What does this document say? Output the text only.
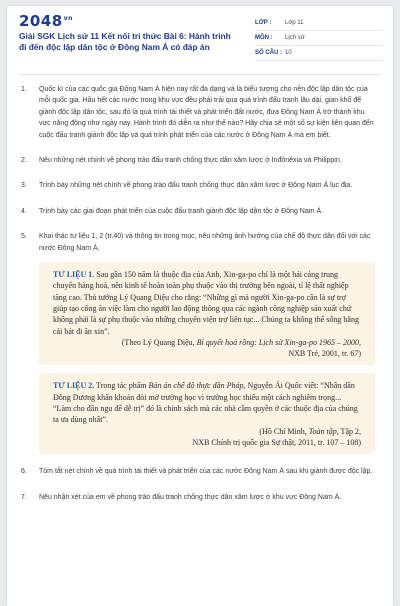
$2048^{vn}$
Giải SGK Lịch sử 11 Kết nối tri thức Bài 6: Hành trình đi đến độc lập dân tộc ở Đông Nam Á có đáp án
LỚP :	Lớp 11
MÔN :	Lịch sử
SỐ CÂU : 10
1. Quốc kì của các quốc gia Đông Nam Á hiện nay rất đa dạng và là biểu tượng cho nền độc lập dân tộc của mỗi quốc gia. Hầu hết các nước trong khu vực đều phải trải qua quá trình đấu tranh lâu dài, gian khổ để giành độc lập dân tộc, sau đó là quá trình tái thiết và phát triển đất nước, đưa Đông Nam Á trở thành khu vực năng động như ngày nay. Hành trình đó diễn ra như thế nào? Hãy chia sẻ một số sự kiện liên quan đến cuộc đấu tranh giành độc lập và quá trình phát triển của các nước ở Đông Nam Á mà em biết.
2. Nêu những nét chính về phong trào đấu tranh chống thực dân xâm lược ở Inđônêxia và Philippin.
3. Trình bày những nét chính về phong trào đấu tranh chống thực dân xâm lược ở Đông Nam Á lục địa.
4. Trình bày các giai đoạn phát triển của cuộc đấu tranh giành độc lập dân tộc ở Đông Nam Á.
5. Khai thác tư liệu 1, 2 (tr.40) và thông tin trong mục, nêu những ảnh hưởng của chế độ thực dân đối với các nước Đông Nam Á.
TƯ LIỆU 1. Sau gần 150 năm là thuộc địa của Anh, Xin-ga-po chỉ là một hải cảng trung chuyển hàng hoá, nền kinh tế hoàn toàn phụ thuộc vào thị trường bên ngoài, tỉ lệ thất nghiệp tăng cao. Thủ tướng Lý Quang Diệu cho rằng: “Những gì mà người Xin-ga-po cần là sự trợ giúp tạo công ăn việc làm cho người lao động thông qua các ngành công nghiệp sản xuất chứ không phải là sự phụ thuộc vào những chuyến viện trợ liên tục... Chúng ta không thể sống bằng cái bát đi ăn xin”.
(Theo Lý Quang Diệu, Bí quyết hoá rồng: Lịch sử Xin-ga-po 1965 – 2000,
NXB Trẻ, 2001, tr. 67)
TƯ LIỆU 2. Trong tác phẩm Bản án chế độ thực dân Pháp, Nguyễn Ái Quốc viết: “Nhân dân Đông Dương khẩn khoản đòi mở trường học vì trường học thiếu một cách nghiêm trọng... “Làm cho dân ngu để dễ trị” đó là chính sách mà các nhà cầm quyền ở các thuộc địa của chúng ta ưa dùng nhất”.
(Hồ Chí Minh, Toàn tập, Tập 2,
NXB Chính trị quốc gia Sự thật, 2011, tr. 107 – 108)
6. Tóm tắt nét chính về quá trình tái thiết và phát triển của các nước Đông Nam Á sau khi giành được độc lập.
7. Nêu nhận xét của em về phong trào đấu tranh chống thực dân xâm lược ở khu vực Đông Nam Á.
